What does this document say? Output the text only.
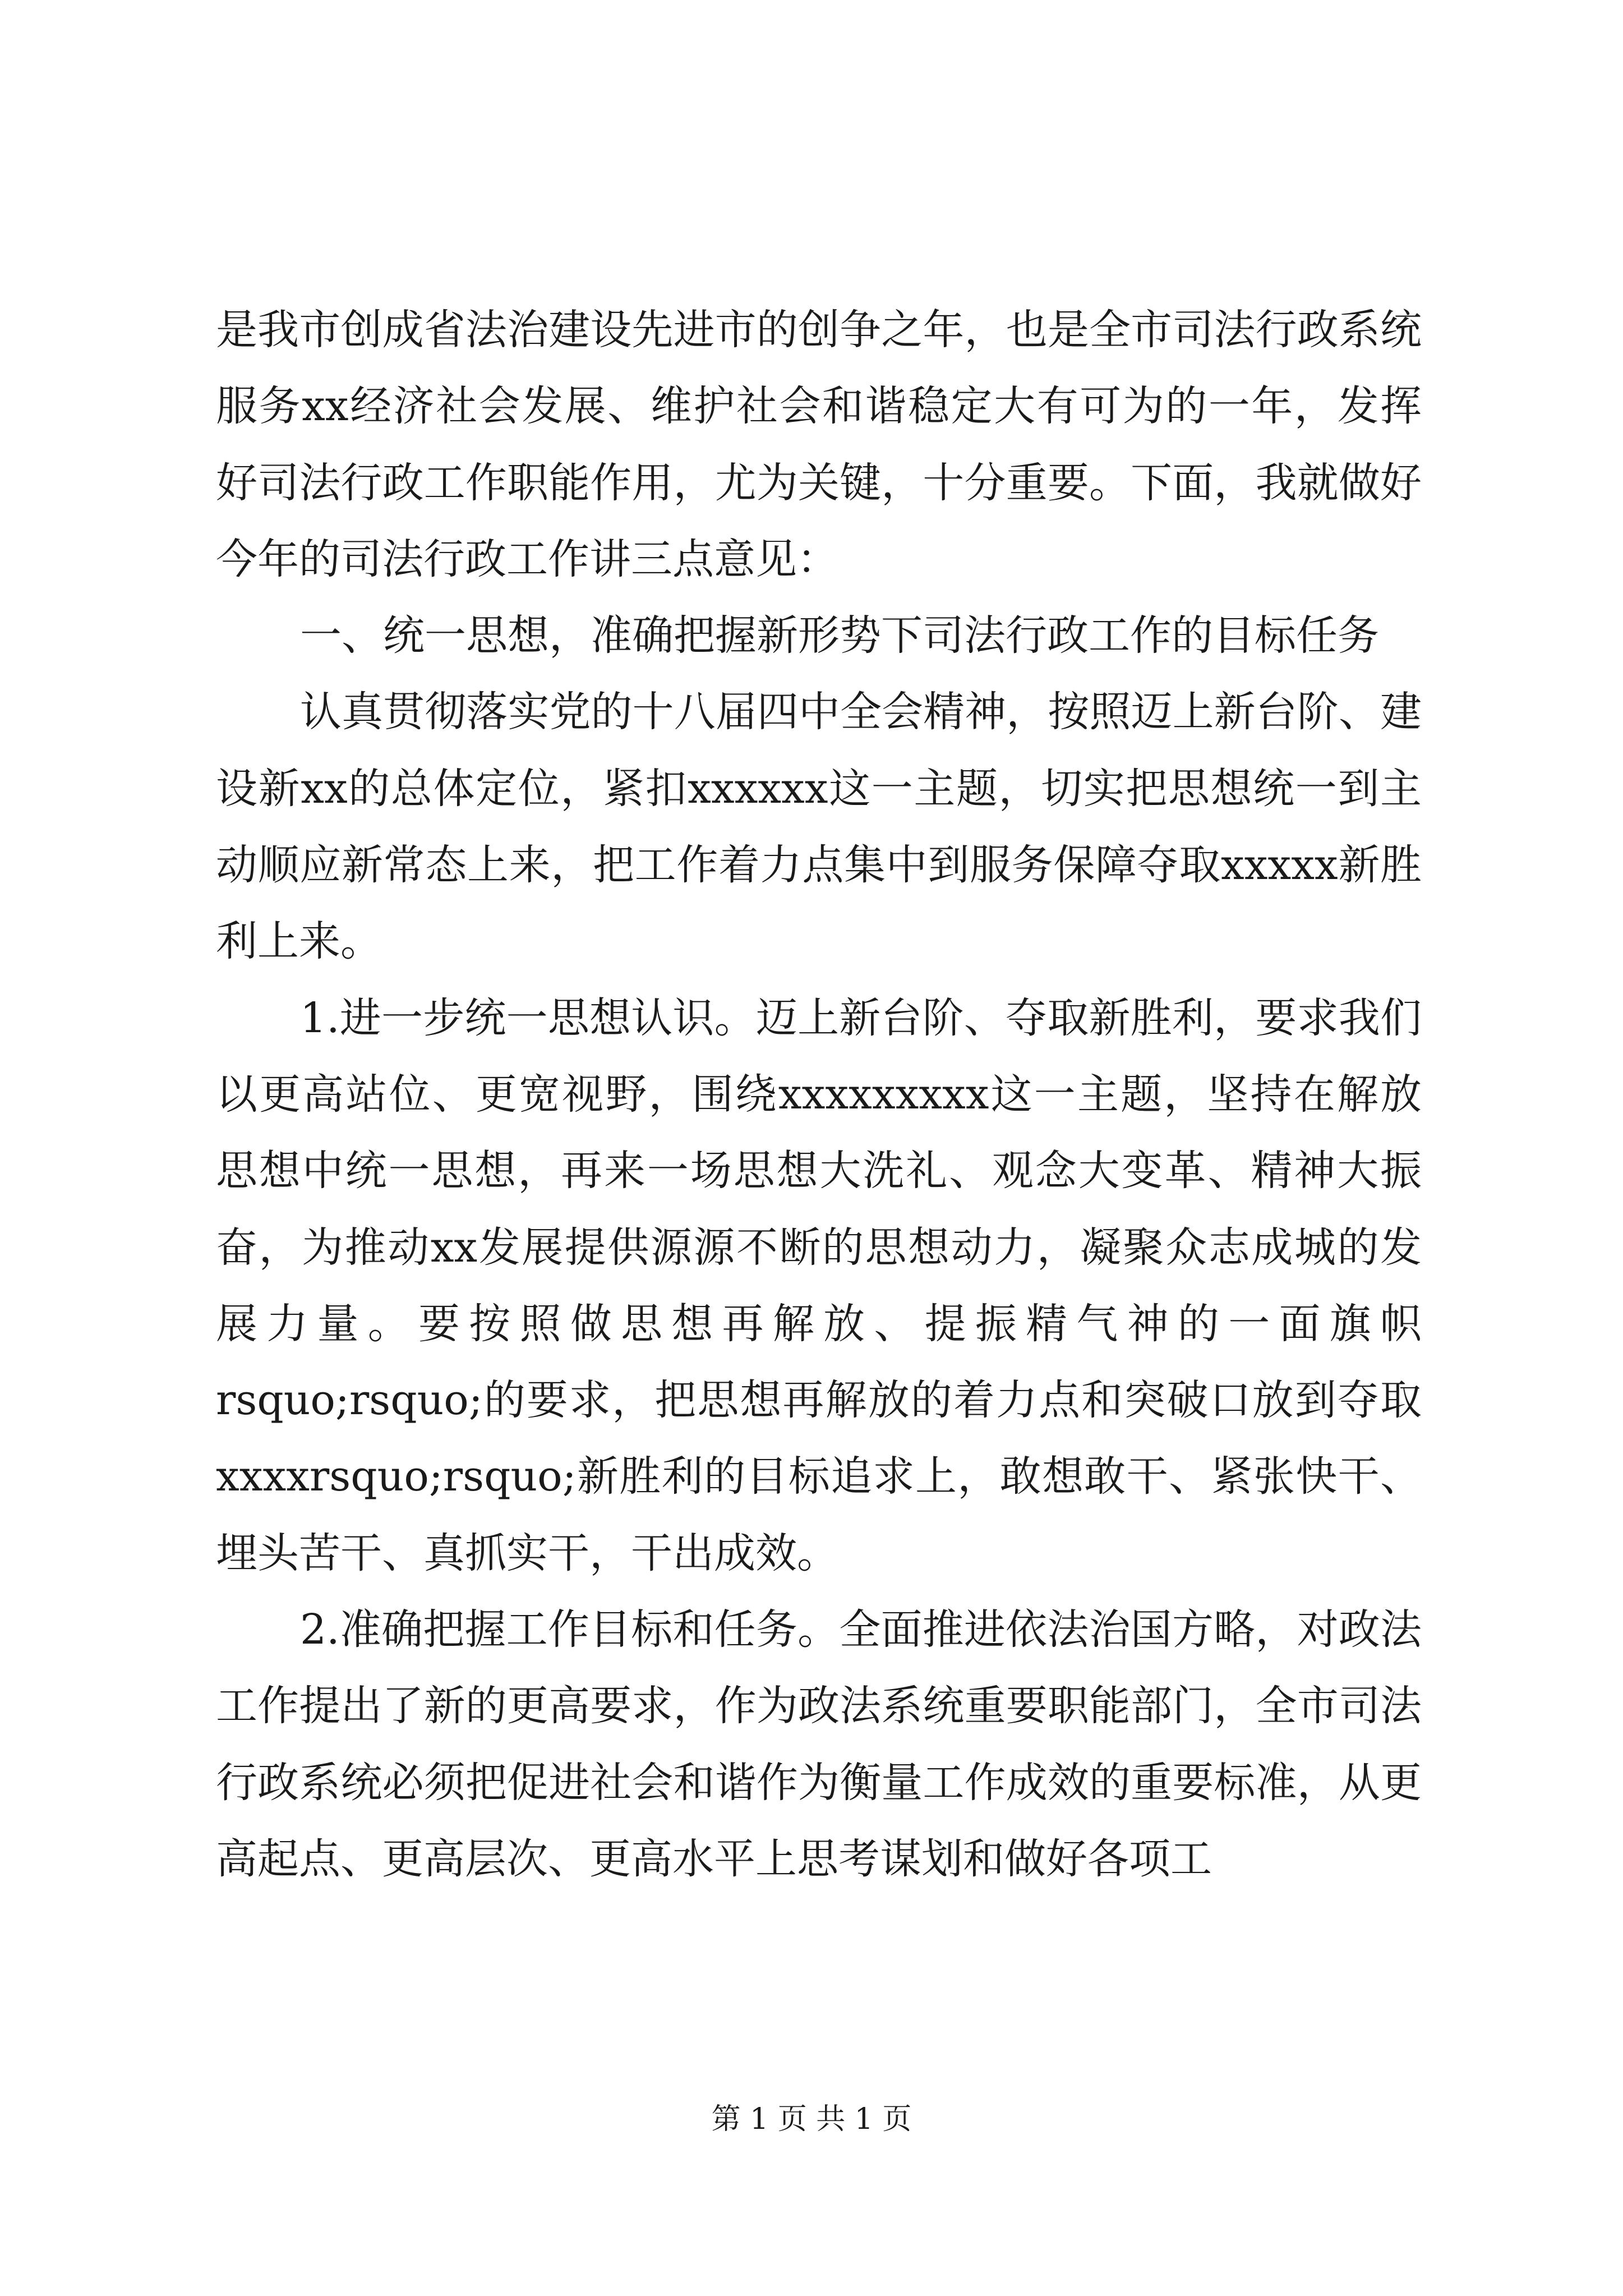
是我市创成省法治建设先进市的创争之年，也是全市司法行政系统服务xx经济社会发展、维护社会和谐稳定大有可为的一年，发挥好司法行政工作职能作用，尤为关键，十分重要。下面，我就做好今年的司法行政工作讲三点意见：

一、统一思想，准确把握新形势下司法行政工作的目标任务

认真贯彻落实党的十八届四中全会精神，按照迈上新台阶、建设新xx的总体定位，紧扣xxxxxx这一主题，切实把思想统一到主动顺应新常态上来，把工作着力点集中到服务保障夺取xxxxx新胜利上来。

1.进一步统一思想认识。迈上新台阶、夺取新胜利，要求我们以更高站位、更宽视野，围绕xxxxxxxxx这一主题，坚持在解放思想中统一思想，再来一场思想大洗礼、观念大变革、精神大振奋，为推动xx发展提供源源不断的思想动力，凝聚众志成城的发展力量。要按照做思想再解放、提振精气神的一面旗帜rsquo;rsquo;的要求，把思想再解放的着力点和突破口放到夺取xxxxrsquo;rsquo;新胜利的目标追求上，敢想敢干、紧张快干、埋头苦干、真抓实干，干出成效。

2.准确把握工作目标和任务。全面推进依法治国方略，对政法工作提出了新的更高要求，作为政法系统重要职能部门，全市司法行政系统必须把促进社会和谐作为衡量工作成效的重要标准，从更高起点、更高层次、更高水平上思考谋划和做好各项工

第 1 页 共 1 页
